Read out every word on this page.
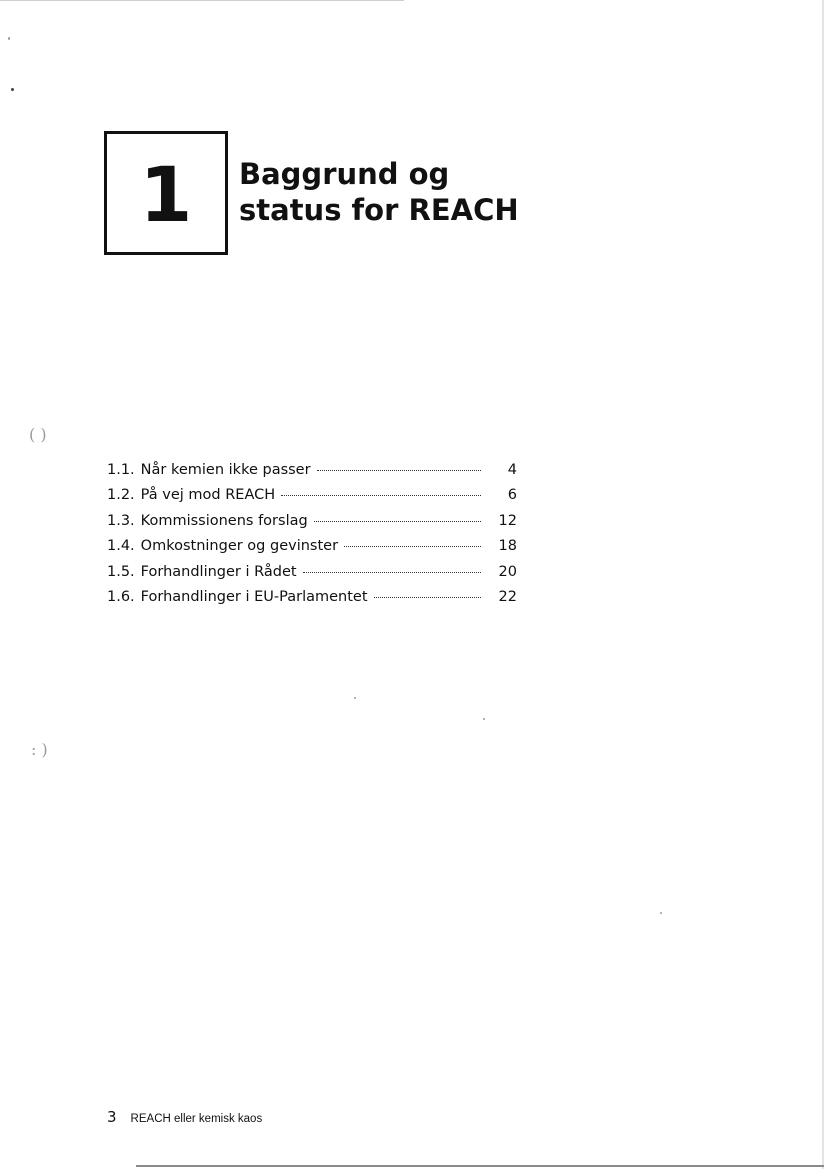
( )
: )
1 Baggrund og
status for REACH
1.1. Når kemien ikke passer	4
1.2. På vej mod REACH	6
1.3. Kommissionens forslag	12
1.4. Omkostninger og gevinster	18
1.5. Forhandlinger i Rådet	20
1.6. Forhandlinger i EU-Parlamentet	22
3 REACH eller kemisk kaos
